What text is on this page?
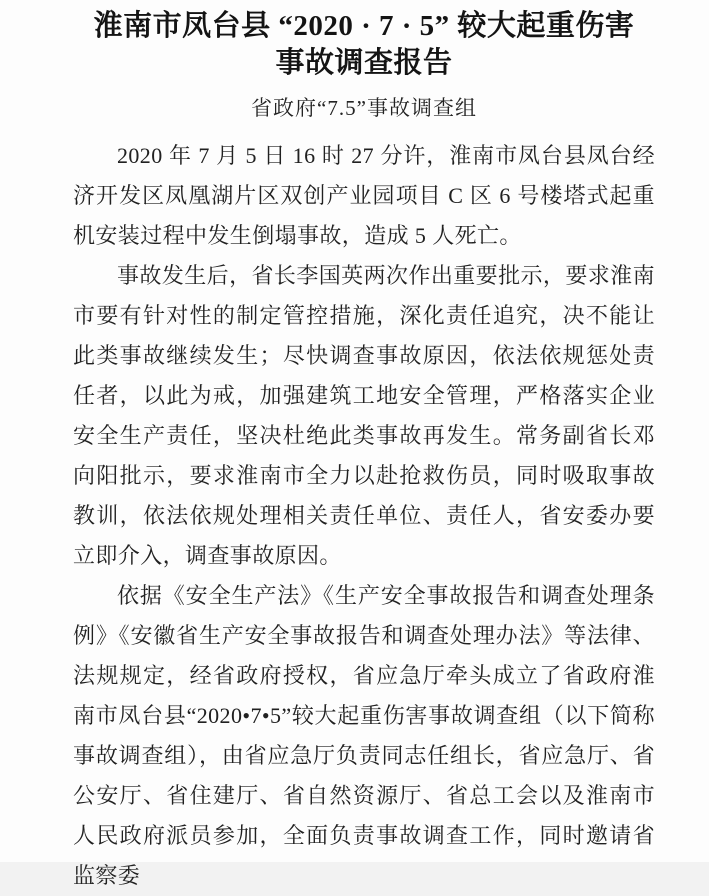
淮南市凤台县 “2020 · 7 · 5” 较大起重伤害
事故调查报告
省政府“7.5”事故调查组

2020 年 7 月 5 日 16 时 27 分许，淮南市凤台县凤台经济开发区凤凰湖片区双创产业园项目 C 区 6 号楼塔式起重机安装过程中发生倒塌事故，造成 5 人死亡。

事故发生后，省长李国英两次作出重要批示，要求淮南市要有针对性的制定管控措施，深化责任追究，决不能让此类事故继续发生；尽快调查事故原因，依法依规惩处责任者，以此为戒，加强建筑工地安全管理，严格落实企业安全生产责任，坚决杜绝此类事故再发生。常务副省长邓向阳批示，要求淮南市全力以赴抢救伤员，同时吸取事故教训，依法依规处理相关责任单位、责任人，省安委办要立即介入，调查事故原因。

依据《安全生产法》《生产安全事故报告和调查处理条例》《安徽省生产安全事故报告和调查处理办法》等法律、法规规定，经省政府授权，省应急厅牵头成立了省政府淮南市凤台县“2020•7•5”较大起重伤害事故调查组（以下简称事故调查组），由省应急厅负责同志任组长，省应急厅、省公安厅、省住建厅、省自然资源厅、省总工会以及淮南市人民政府派员参加，全面负责事故调查工作，同时邀请省监察委
